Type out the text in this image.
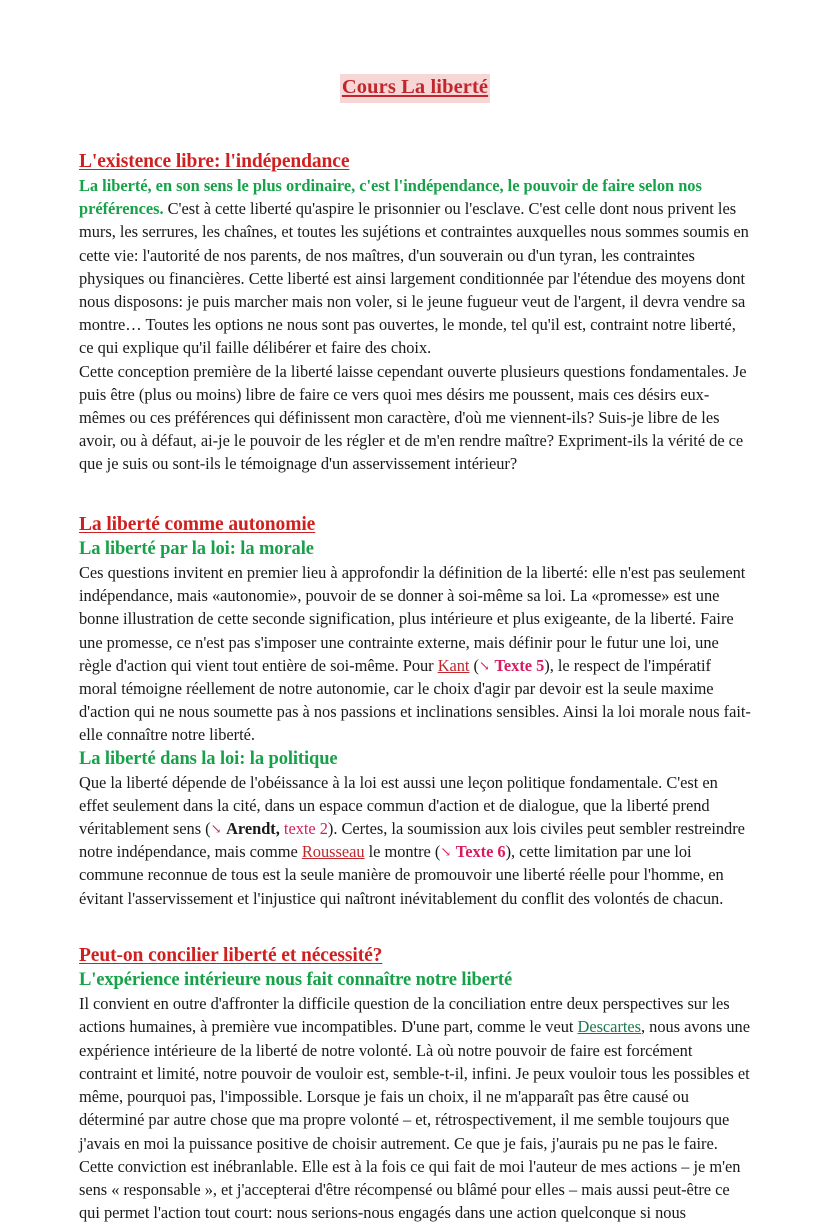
Cours La liberté
L'existence libre: l'indépendance

La liberté, en son sens le plus ordinaire, c'est l'indépendance, le pouvoir de faire selon nos préférences. C'est à cette liberté qu'aspire le prisonnier ou l'esclave. C'est celle dont nous privent les murs, les serrures, les chaînes, et toutes les sujétions et contraintes auxquelles nous sommes soumis en cette vie: l'autorité de nos parents, de nos maîtres, d'un souverain ou d'un tyran, les contraintes physiques ou financières. Cette liberté est ainsi largement conditionnée par l'étendue des moyens dont nous disposons: je puis marcher mais non voler, si le jeune fugueur veut de l'argent, il devra vendre sa montre… Toutes les options ne nous sont pas ouvertes, le monde, tel qu'il est, contraint notre liberté, ce qui explique qu'il faille délibérer et faire des choix.

Cette conception première de la liberté laisse cependant ouverte plusieurs questions fondamentales. Je puis être (plus ou moins) libre de faire ce vers quoi mes désirs me poussent, mais ces désirs eux-mêmes ou ces préférences qui définissent mon caractère, d'où me viennent-ils? Suis-je libre de les avoir, ou à défaut, ai-je le pouvoir de les régler et de m'en rendre maître? Expriment-ils la vérité de ce que je suis ou sont-ils le témoignage d'un asservissement intérieur?

La liberté comme autonomie
La liberté par la loi: la morale

Ces questions invitent en premier lieu à approfondir la définition de la liberté: elle n'est pas seulement indépendance, mais «autonomie», pouvoir de se donner à soi-même sa loi. La «promesse» est une bonne illustration de cette seconde signification, plus intérieure et plus exigeante, de la liberté. Faire une promesse, ce n'est pas s'imposer une contrainte externe, mais définir pour le futur une loi, une règle d'action qui vient tout entière de soi-même. Pour Kant (↘ Texte 5), le respect de l'impératif moral témoigne réellement de notre autonomie, car le choix d'agir par devoir est la seule maxime d'action qui ne nous soumette pas à nos passions et inclinations sensibles. Ainsi la loi morale nous fait-elle connaître notre liberté.

La liberté dans la loi: la politique

Que la liberté dépende de l'obéissance à la loi est aussi une leçon politique fondamentale. C'est en effet seulement dans la cité, dans un espace commun d'action et de dialogue, que la liberté prend véritablement sens (↘ Arendt, texte 2). Certes, la soumission aux lois civiles peut sembler restreindre notre indépendance, mais comme Rousseau le montre (↘ Texte 6), cette limitation par une loi commune reconnue de tous est la seule manière de promouvoir une liberté réelle pour l'homme, en évitant l'asservissement et l'injustice qui naîtront inévitablement du conflit des volontés de chacun.

Peut-on concilier liberté et nécessité?
L'expérience intérieure nous fait connaître notre liberté

Il convient en outre d'affronter la difficile question de la conciliation entre deux perspectives sur les actions humaines, à première vue incompatibles. D'une part, comme le veut Descartes, nous avons une expérience intérieure de la liberté de notre volonté. Là où notre pouvoir de faire est forcément contraint et limité, notre pouvoir de vouloir est, semble-t-il, infini. Je peux vouloir tous les possibles et même, pourquoi pas, l'impossible. Lorsque je fais un choix, il ne m'apparaît pas être causé ou déterminé par autre chose que ma propre volonté – et, rétrospectivement, il me semble toujours que j'avais en moi la puissance positive de choisir autrement. Ce que je fais, j'aurais pu ne pas le faire. Cette conviction est inébranlable. Elle est à la fois ce qui fait de moi l'auteur de mes actions – je m'en sens « responsable », et j'accepterai d'être récompensé ou blâmé pour elles – mais aussi peut-être ce qui permet l'action tout court: nous serions-nous engagés dans une action quelconque si nous
